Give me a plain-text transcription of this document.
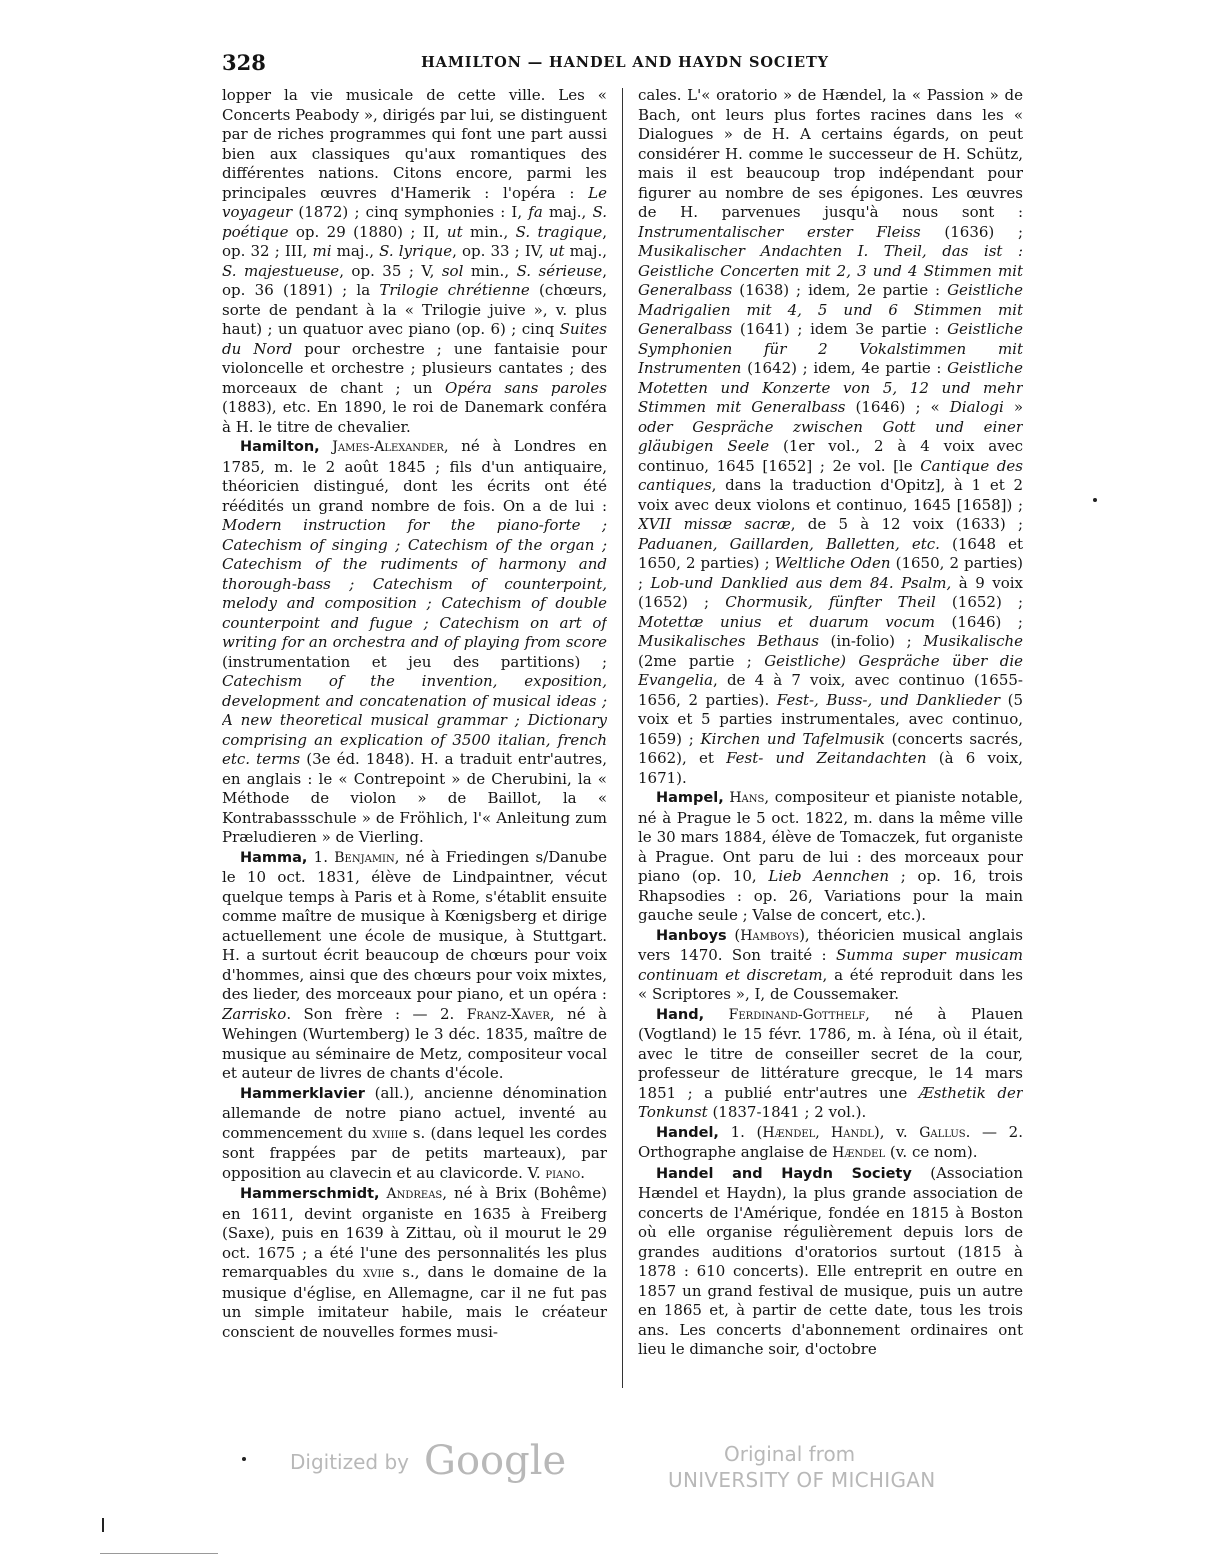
328	HAMILTON — HANDEL AND HAYDN SOCIETY

lopper la vie musicale de cette ville. Les « Concerts Peabody », dirigés par lui, se distinguent par de riches programmes qui font une part aussi bien aux classiques qu'aux romantiques des différentes nations. Citons encore, parmi les principales œuvres d'Hamerik : l'opéra : Le voyageur (1872) ; cinq symphonies : I, fa maj., S. poétique op. 29 (1880) ; II, ut min., S. tragique, op. 32 ; III, mi maj., S. lyrique, op. 33 ; IV, ut maj., S. majestueuse, op. 35 ; V, sol min., S. sérieuse, op. 36 (1891) ; la Trilogie chrétienne (chœurs, sorte de pendant à la « Trilogie juive », v. plus haut) ; un quatuor avec piano (op. 6) ; cinq Suites du Nord pour orchestre ; une fantaisie pour violoncelle et orchestre ; plusieurs cantates ; des morceaux de chant ; un Opéra sans paroles (1883), etc. En 1890, le roi de Danemark conféra à H. le titre de chevalier.

Hamilton, James-Alexander, né à Londres en 1785, m. le 2 août 1845 ; fils d'un antiquaire, théoricien distingué, dont les écrits ont été réédités un grand nombre de fois. On a de lui : Modern instruction for the piano-forte ; Catechism of singing ; Catechism of the organ ; Catechism of the rudiments of harmony and thorough-bass ; Catechism of counterpoint, melody and composition ; Catechism of double counterpoint and fugue ; Catechism on art of writing for an orchestra and of playing from score (instrumentation et jeu des partitions) ; Catechism of the invention, exposition, development and concatenation of musical ideas ; A new theoretical musical grammar ; Dictionary comprising an explication of 3500 italian, french etc. terms (3e éd. 1848). H. a traduit entr'autres, en anglais : le « Contrepoint » de Cherubini, la « Méthode de violon » de Baillot, la « Kontrabassschule » de Fröhlich, l'« Anleitung zum Præludieren » de Vierling.

Hamma, 1. Benjamin, né à Friedingen s/Danube le 10 oct. 1831, élève de Lindpaintner, vécut quelque temps à Paris et à Rome, s'établit ensuite comme maître de musique à Kœnigsberg et dirige actuellement une école de musique, à Stuttgart. H. a surtout écrit beaucoup de chœurs pour voix d'hommes, ainsi que des chœurs pour voix mixtes, des lieder, des morceaux pour piano, et un opéra : Zarrisko. Son frère : — 2. Franz-Xaver, né à Wehingen (Wurtemberg) le 3 déc. 1835, maître de musique au séminaire de Metz, compositeur vocal et auteur de livres de chants d'école.

Hammerklavier (all.), ancienne dénomination allemande de notre piano actuel, inventé au commencement du xviiie s. (dans lequel les cordes sont frappées par de petits marteaux), par opposition au clavecin et au clavicorde. V. piano.

Hammerschmidt, Andreas, né à Brix (Bohême) en 1611, devint organiste en 1635 à Freiberg (Saxe), puis en 1639 à Zittau, où il mourut le 29 oct. 1675 ; a été l'une des personnalités les plus remarquables du xviie s., dans le domaine de la musique d'église, en Allemagne, car il ne fut pas un simple imitateur habile, mais le créateur conscient de nouvelles formes musi-

cales. L'« oratorio » de Hændel, la « Passion » de Bach, ont leurs plus fortes racines dans les « Dialogues » de H. A certains égards, on peut considérer H. comme le successeur de H. Schütz, mais il est beaucoup trop indépendant pour figurer au nombre de ses épigones. Les œuvres de H. parvenues jusqu'à nous sont : Instrumentalischer erster Fleiss (1636) ; Musikalischer Andachten I. Theil, das ist : Geistliche Concerten mit 2, 3 und 4 Stimmen mit Generalbass (1638) ; idem, 2e partie : Geistliche Madrigalien mit 4, 5 und 6 Stimmen mit Generalbass (1641) ; idem 3e partie : Geistliche Symphonien für 2 Vokalstimmen mit Instrumenten (1642) ; idem, 4e partie : Geistliche Motetten und Konzerte von 5, 12 und mehr Stimmen mit Generalbass (1646) ; « Dialogi » oder Gespräche zwischen Gott und einer gläubigen Seele (1er vol., 2 à 4 voix avec continuo, 1645 [1652] ; 2e vol. [le Cantique des cantiques, dans la traduction d'Opitz], à 1 et 2 voix avec deux violons et continuo, 1645 [1658]) ; XVII missæ sacræ, de 5 à 12 voix (1633) ; Paduanen, Gaillarden, Balletten, etc. (1648 et 1650, 2 parties) ; Weltliche Oden (1650, 2 parties) ; Lob-und Danklied aus dem 84. Psalm, à 9 voix (1652) ; Chormusik, fünfter Theil (1652) ; Motettæ unius et duarum vocum (1646) ; Musikalisches Bethaus (in-folio) ; Musikalische (2me partie ; Geistliche) Gespräche über die Evangelia, de 4 à 7 voix, avec continuo (1655-1656, 2 parties). Fest-, Buss-, und Danklieder (5 voix et 5 parties instrumentales, avec continuo, 1659) ; Kirchen und Tafelmusik (concerts sacrés, 1662), et Fest- und Zeitandachten (à 6 voix, 1671).

Hampel, Hans, compositeur et pianiste notable, né à Prague le 5 oct. 1822, m. dans la même ville le 30 mars 1884, élève de Tomaczek, fut organiste à Prague. Ont paru de lui : des morceaux pour piano (op. 10, Lieb Aennchen ; op. 16, trois Rhapsodies : op. 26, Variations pour la main gauche seule ; Valse de concert, etc.).

Hanboys (Hamboys), théoricien musical anglais vers 1470. Son traité : Summa super musicam continuam et discretam, a été reproduit dans les « Scriptores », I, de Coussemaker.

Hand, Ferdinand-Gotthelf, né à Plauen (Vogtland) le 15 févr. 1786, m. à Iéna, où il était, avec le titre de conseiller secret de la cour, professeur de littérature grecque, le 14 mars 1851 ; a publié entr'autres une Æsthetik der Tonkunst (1837-1841 ; 2 vol.).

Handel, 1. (Hændel, Handl), v. Gallus. — 2. Orthographe anglaise de Hændel (v. ce nom).

Handel and Haydn Society (Association Hændel et Haydn), la plus grande association de concerts de l'Amérique, fondée en 1815 à Boston où elle organise régulièrement depuis lors de grandes auditions d'oratorios surtout (1815 à 1878 : 610 concerts). Elle entreprit en outre en 1857 un grand festival de musique, puis un autre en 1865 et, à partir de cette date, tous les trois ans. Les concerts d'abonnement ordinaires ont lieu le dimanche soir, d'octobre

Digitized by Google	Original from
UNIVERSITY OF MICHIGAN
